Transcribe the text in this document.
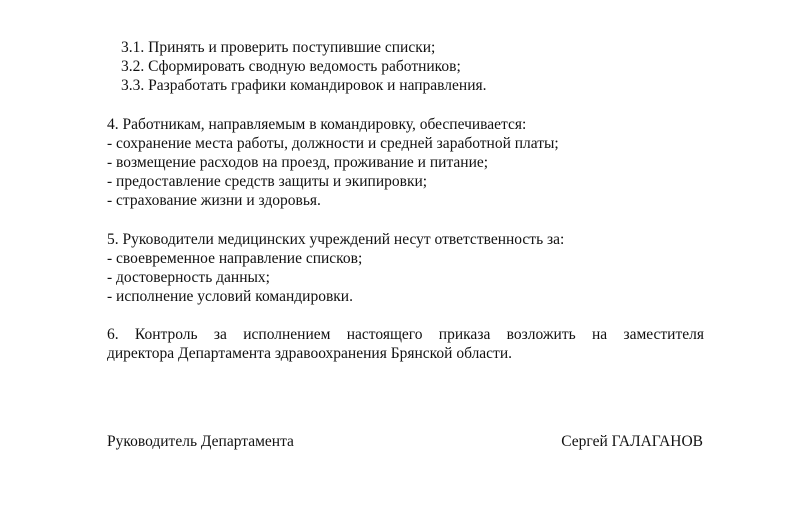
3.1. Принять и проверить поступившие списки;

3.2. Сформировать сводную ведомость работников;

3.3. Разработать графики командировок и направления.

4. Работникам, направляемым в командировку, обеспечивается:

- сохранение места работы, должности и средней заработной платы;

- возмещение расходов на проезд, проживание и питание;

- предоставление средств защиты и экипировки;

- страхование жизни и здоровья.

5. Руководители медицинских учреждений несут ответственность за:

- своевременное направление списков;

- достоверность данных;

- исполнение условий командировки.

6. Контроль за исполнением настоящего приказа возложить на заместителя

директора Департамента здравоохранения Брянской области.

Руководитель Департамента	Сергей ГАЛАГАНОВ
